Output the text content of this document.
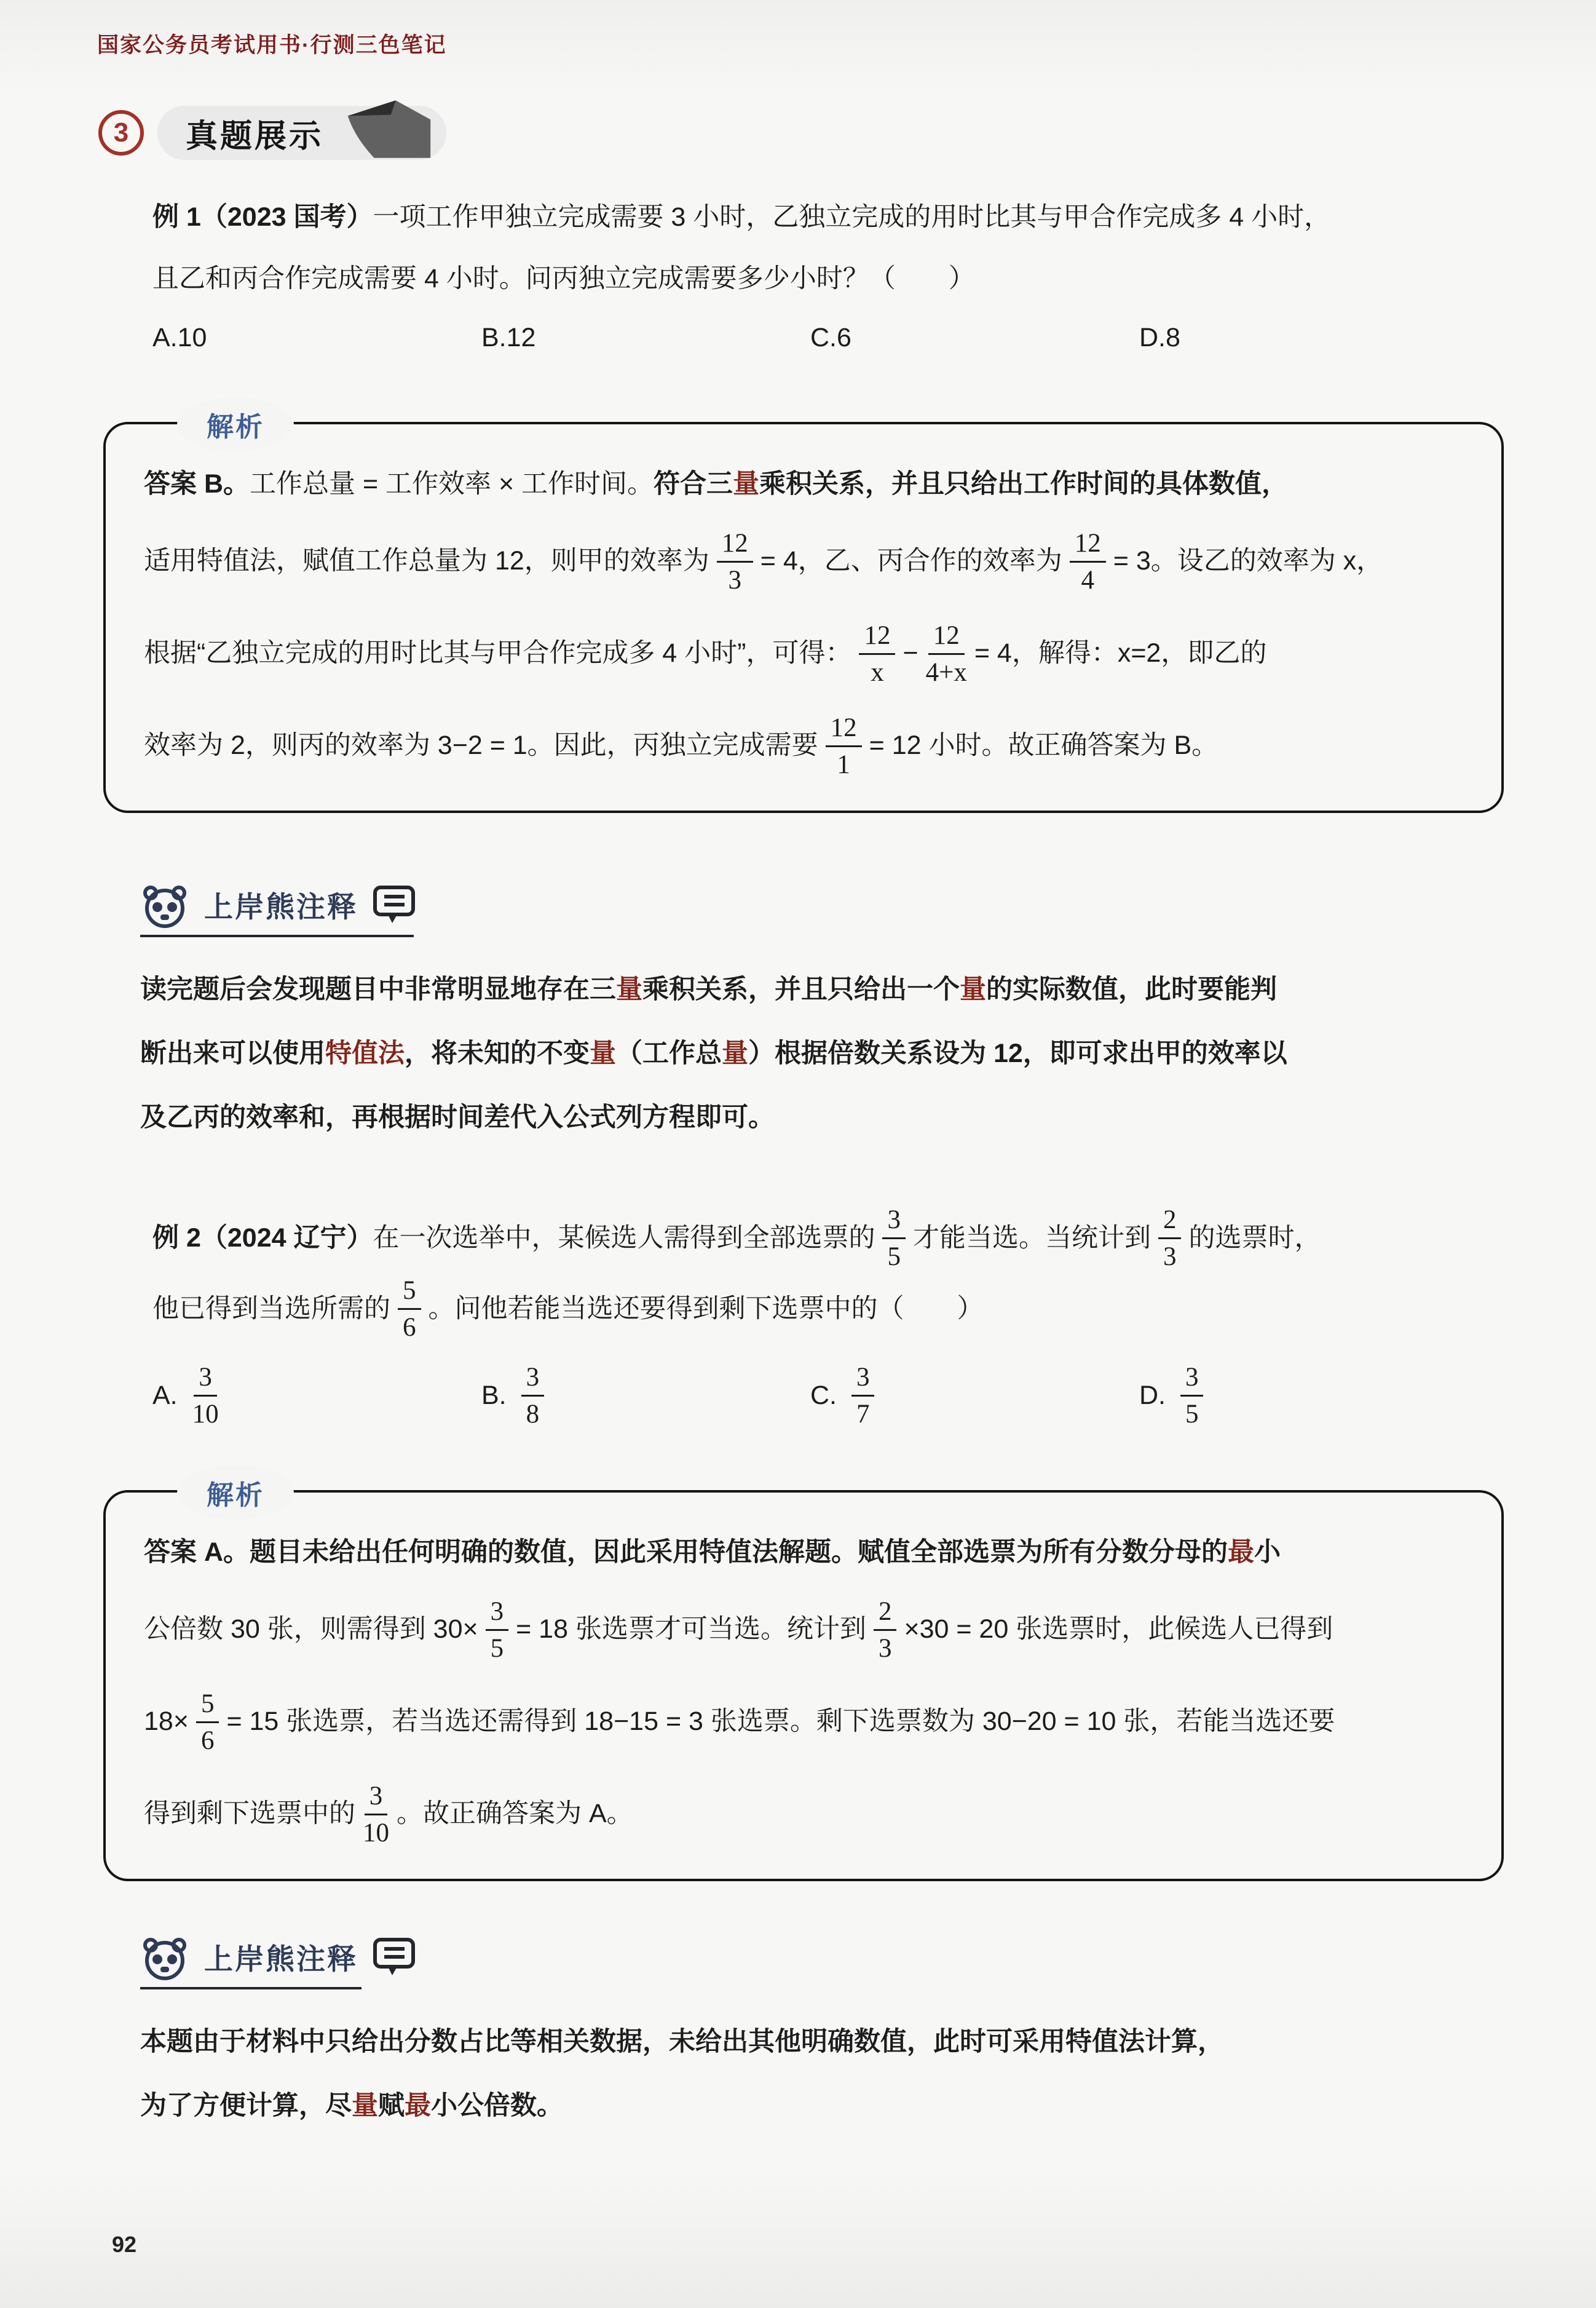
国家公务员考试用书·行测三色笔记
3	真题展示
例 1（2023 国考） 一项工作甲独立完成需要 3 小时，乙独立完成的用时比其与甲合作完成多 4 小时，
且乙和丙合作完成需要 4 小时。问丙独立完成需要多少小时？（　　）
A.10	B.12	C.6	D.8
解析
答案 B。 工作总量 = 工作效率 × 工作时间。 符合三 量 乘积关系，并且只给出工作时间的具体数值，
适用特值法，赋值工作总量为 12，则甲的效率为 $\frac{12}{3} = 4$，乙、丙合作的效率为 $\frac{12}{4} = 3$。设乙的效率为 x，
根据“乙独立完成的用时比其与甲合作完成多 4 小时”，可得： $\frac{12}{x} - \frac{12}{4+x} = 4$，解得：x=2，即乙的
效率为 2，则丙的效率为 3−2 = 1。因此，丙独立完成需要 $\frac{12}{1} = 12$ 小时。故正确答案为 B。
上岸熊注释
读完题后会发现题目中非常明显地存在三 量 乘积关系，并且只给出一个 量 的实际数值，此时要能判
断出来可以使用 特值法 ，将未知的不变 量 （工作总 量 ）根据倍数关系设为 12，即可求出甲的效率以
及乙丙的效率和，再根据时间差代入公式列方程即可。
例 2（2024 辽宁） 在一次选举中，某候选人需得到全部选票的 $\frac{3}{5}$ 才能当选。当统计到 $\frac{2}{3}$ 的选票时，
他已得到当选所需的 $\frac{5}{6}$ 。问他若能当选还要得到剩下选票中的（　　）
A. $\frac{3}{10}$	B. $\frac{3}{8}$	C. $\frac{3}{7}$	D. $\frac{3}{5}$
解析
答案 A。 题目未给出任何明确的数值，因此采用特值法解题。赋值全部选票为所有分数分母的 最 小
公倍数 30 张，则需得到 $30\times \frac{3}{5} = 18$ 张选票才可当选。统计到 $\frac{2}{3} \times 30 = 20$ 张选票时，此候选人已得到
$18\times \frac{5}{6} = 15$ 张选票，若当选还需得到 18−15 = 3 张选票。剩下选票数为 30−20 = 10 张，若能当选还要
得到剩下选票中的 $\frac{3}{10}$ 。故正确答案为 A。
上岸熊注释
本题由于材料中只给出分数占比等相关数据，未给出其他明确数值，此时可采用特值法计算，
为了方便计算，尽 量 赋 最 小公倍数。
92
